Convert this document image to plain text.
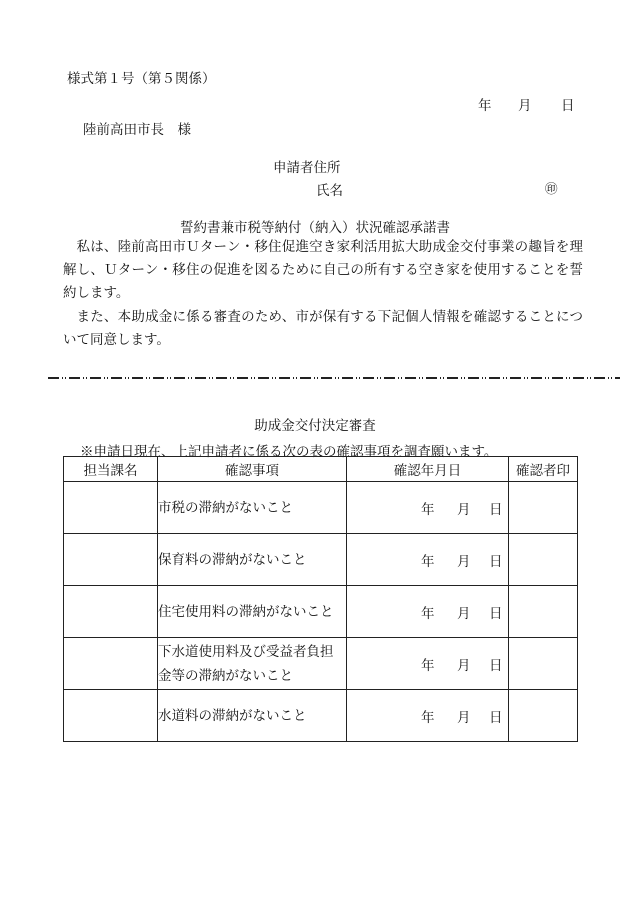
様式第１号（第５関係）
年 月 日
陸前高田市長　様
申請者住所
氏名	㊞
誓約書兼市税等納付（納入）状況確認承諾書
私は、陸前高田市Ｕターン・移住促進空き家利活用拡大助成金交付事業の趣旨を理解し、Ｕターン・移住の促進を図るために自己の所有する空き家を使用することを誓約します。
また、本助成金に係る審査のため、市が保有する下記個人情報を確認することについて同意します。
助成金交付決定審査
※申請日現在、上記申請者に係る次の表の確認事項を調査願います。
担当課名	確認事項	確認年月日	確認者印
	市税の滞納がないこと	年 月 日	

	保育料の滞納がないこと	年 月 日	

	住宅使用料の滞納がないこと	年 月 日	

	下水道使用料及び受益者負担
金等の滞納がないこと	年 月 日	

	水道料の滞納がないこと	年 月 日	
